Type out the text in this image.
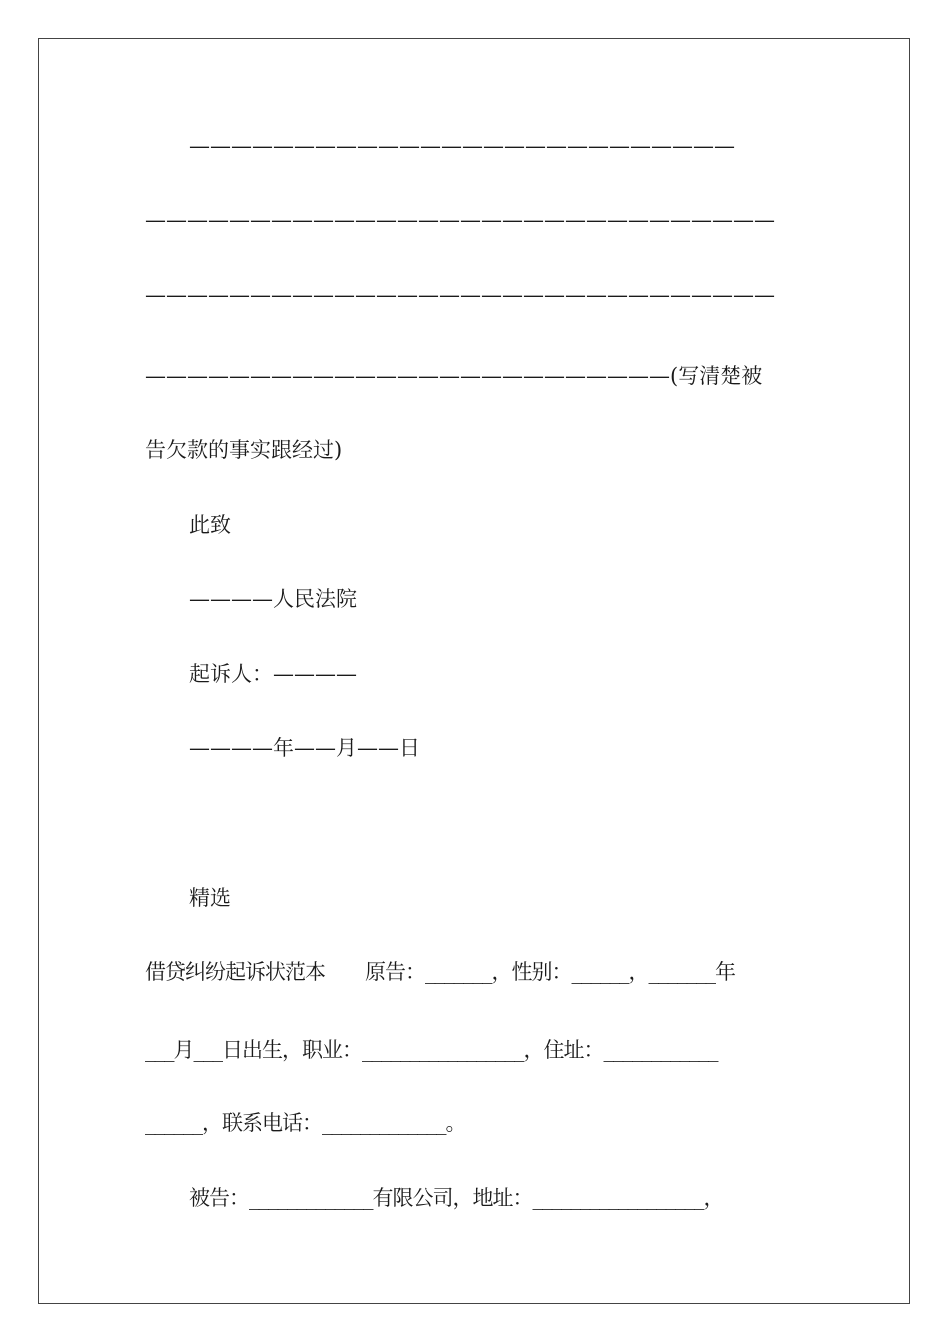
——————————————————————————
——————————————————————————————
——————————————————————————————
—————————————————————————(写清楚被
告欠款的事实跟经过)
此致
————人民法院
起诉人：————
————年——月——日
精选
借贷纠纷起诉状范本　　原告：_______，性别：______，_______年
___月___日出生，职业：_________________，住址：____________
______，联系电话：_____________。
被告：_____________有限公司，地址：__________________，
